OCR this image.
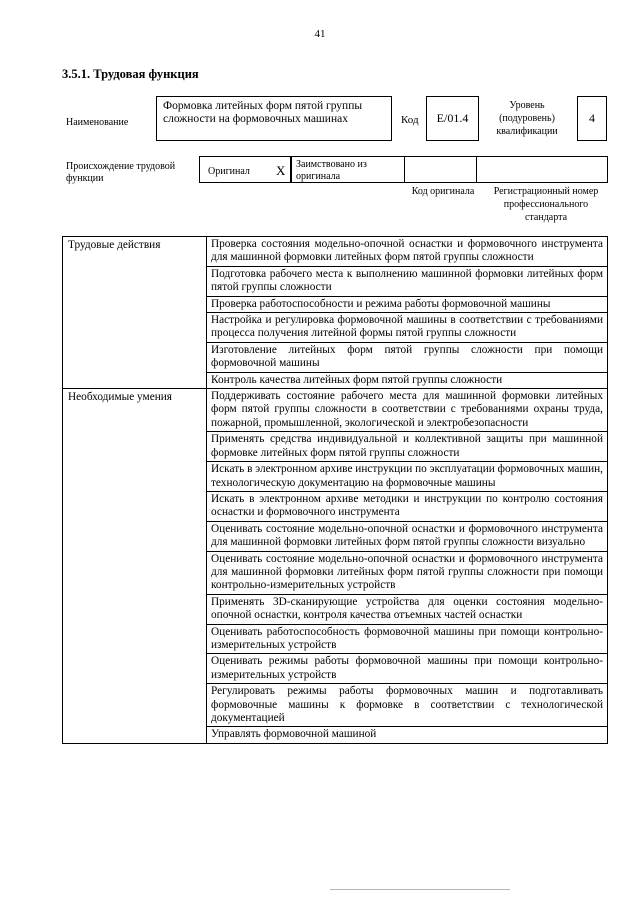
41
3.5.1. Трудовая функция
Наименование
Формовка литейных форм пятой группы сложности на формовочных машинах	Код	E/01.4
Уровень (подуровень) квалификации
4
Происхождение трудовой функции
Оригинал X	Заимствовано из оригинала
Код оригинала	Регистрационный номер профессионального стандарта
Трудовые действия	Проверка состояния модельно-опочной оснастки и формовочного инструмента для машинной формовки литейных форм пятой группы сложности
	Подготовка рабочего места к выполнению машинной формовки литейных форм пятой группы сложности
	Проверка работоспособности и режима работы формовочной машины
	Настройка и регулировка формовочной машины в соответствии с требованиями процесса получения литейной формы пятой группы сложности
	Изготовление литейных форм пятой группы сложности при помощи формовочной машины
	Контроль качества литейных форм пятой группы сложности
Необходимые умения	Поддерживать состояние рабочего места для машинной формовки литейных форм пятой группы сложности в соответствии с требованиями охраны труда, пожарной, промышленной, экологической и электробезопасности
	Применять средства индивидуальной и коллективной защиты при машинной формовке литейных форм пятой группы сложности
	Искать в электронном архиве инструкции по эксплуатации формовочных машин, технологическую документацию на формовочные машины
	Искать в электронном архиве методики и инструкции по контролю состояния оснастки и формовочного инструмента
	Оценивать состояние модельно-опочной оснастки и формовочного инструмента для машинной формовки литейных форм пятой группы сложности визуально
	Оценивать состояние модельно-опочной оснастки и формовочного инструмента для машинной формовки литейных форм пятой группы сложности при помощи контрольно-измерительных устройств
	Применять 3D-сканирующие устройства для оценки состояния модельно-опочной оснастки, контроля качества отъемных частей оснастки
	Оценивать работоспособность формовочной машины при помощи контрольно-измерительных устройств
	Оценивать режимы работы формовочной машины при помощи контрольно-измерительных устройств
	Регулировать режимы работы формовочных машин и подготавливать формовочные машины к формовке в соответствии с технологической документацией
	Управлять формовочной машиной
